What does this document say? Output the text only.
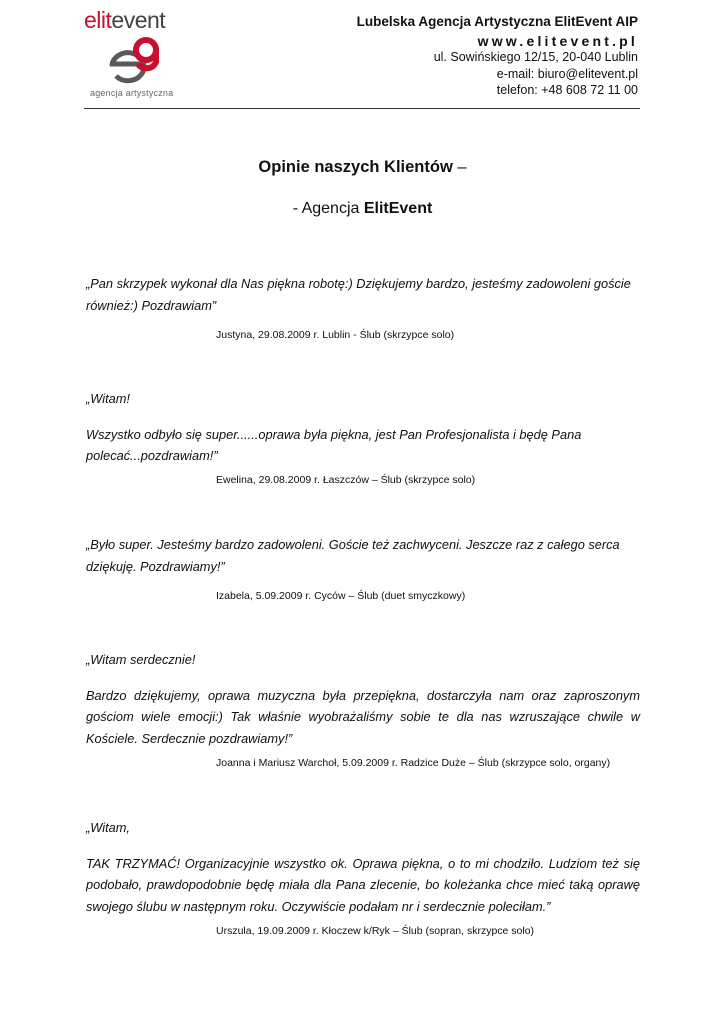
elitevent
agencja artystyczna
Lubelska Agencja Artystyczna ElitEvent AIP
www.elitevent.pl
ul. Sowińskiego 12/15, 20-040 Lublin
e-mail: biuro@elitevent.pl
telefon: +48 608 72 11 00
Opinie naszych Klientów –
- Agencja ElitEvent

„Pan skrzypek wykonał dla Nas piękna robotę:) Dziękujemy bardzo, jesteśmy zadowoleni goście również:) Pozdrawiam”

Justyna, 29.08.2009 r. Lublin - Ślub (skrzypce solo)

„Witam!

Wszystko odbyło się super......oprawa była piękna, jest Pan Profesjonalista i będę Pana polecać...pozdrawiam!”

Ewelina, 29.08.2009 r. Łaszczów – Ślub (skrzypce solo)

„Było super. Jesteśmy bardzo zadowoleni. Goście też zachwyceni. Jeszcze raz z całego serca dziękuję. Pozdrawiamy!”

Izabela, 5.09.2009 r. Cyców – Ślub (duet smyczkowy)

„Witam serdecznie!

Bardzo dziękujemy, oprawa muzyczna była przepiękna, dostarczyła nam oraz zaproszonym gościom wiele emocji:) Tak właśnie wyobrażaliśmy sobie te dla nas wzruszające chwile w Kościele. Serdecznie pozdrawiamy!”

Joanna i Mariusz Warchoł, 5.09.2009 r. Radzice Duże – Ślub (skrzypce solo, organy)

„Witam,

TAK TRZYMAĆ! Organizacyjnie wszystko ok. Oprawa piękna, o to mi chodziło. Ludziom też się podobało, prawdopodobnie będę miała dla Pana zlecenie, bo koleżanka chce mieć taką oprawę swojego ślubu w następnym roku. Oczywiście podałam nr i serdecznie poleciłam.”

Urszula, 19.09.2009 r. Kłoczew k/Ryk – Ślub (sopran, skrzypce solo)
